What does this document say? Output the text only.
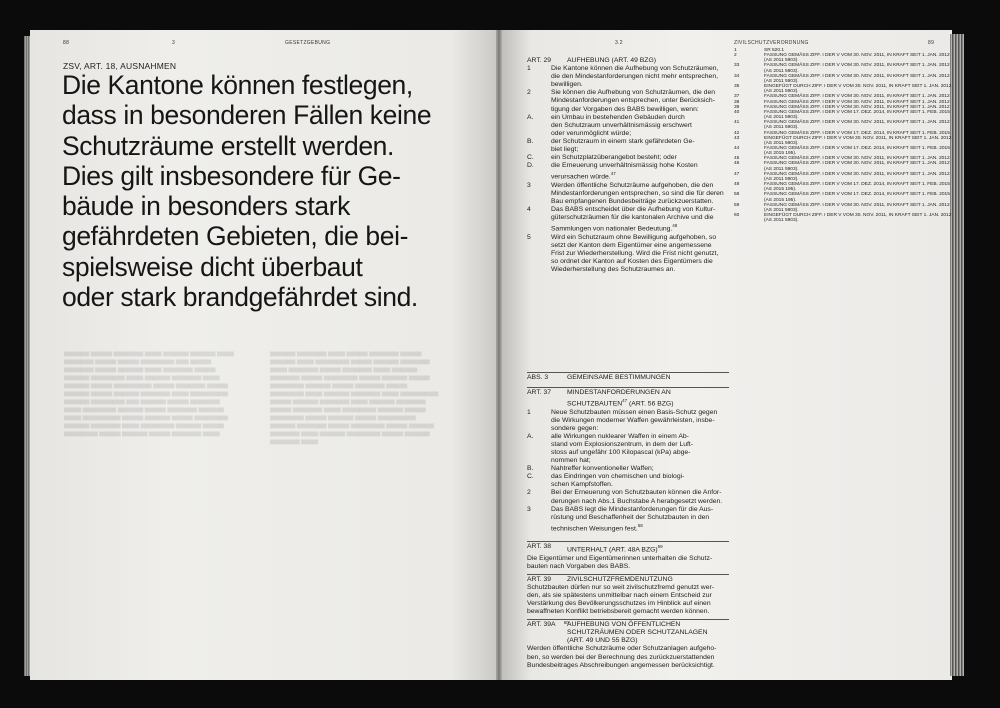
88	3	GESETZGEBUNG
▆▆▆▆▆▆ ▆▆▆▆▆ ▆▆▆▆▆▆▆ ▆▆▆▆ ▆▆▆▆▆▆ ▆▆▆▆▆▆ ▆▆▆▆ ▆▆▆▆▆▆▆ ▆▆▆▆▆ ▆▆▆▆▆ ▆▆▆▆▆▆▆▆ ▆▆▆ ▆▆▆▆▆ ▆▆▆▆▆▆▆ ▆▆▆▆▆ ▆▆▆▆▆▆ ▆▆▆▆ ▆▆▆▆▆▆▆ ▆▆▆▆▆ ▆▆▆▆▆▆ ▆▆▆▆▆▆▆▆ ▆▆▆▆ ▆▆▆▆▆▆ ▆▆▆▆▆▆▆ ▆▆▆▆ ▆▆▆▆▆▆ ▆▆▆▆▆ ▆▆▆▆▆▆▆▆▆ ▆▆▆▆▆ ▆▆▆▆▆▆▆ ▆▆▆▆▆ ▆▆▆▆▆▆ ▆▆▆▆▆ ▆▆▆▆▆▆ ▆▆▆▆▆▆▆ ▆▆▆▆ ▆▆▆▆▆▆▆▆▆ ▆▆▆▆▆▆ ▆▆▆▆▆▆▆▆ ▆▆▆ ▆▆▆▆▆▆ ▆▆▆▆▆ ▆▆▆▆▆▆▆ ▆▆▆▆ ▆▆▆▆▆▆▆▆ ▆▆▆▆▆▆ ▆▆▆▆▆ ▆▆▆▆▆▆▆ ▆▆▆▆▆▆ ▆▆▆▆ ▆▆▆▆▆▆▆▆▆ ▆▆▆▆▆ ▆▆▆▆▆▆ ▆▆▆▆▆ ▆▆▆▆▆▆▆▆ ▆▆▆▆▆▆ ▆▆▆▆▆▆▆ ▆▆▆▆ ▆▆▆▆▆▆▆▆ ▆▆▆▆▆▆ ▆▆▆▆▆ ▆▆▆▆▆▆▆▆ ▆▆▆▆▆ ▆▆▆▆▆▆ ▆▆▆▆▆ ▆▆▆▆▆▆▆ ▆▆▆▆
▆▆▆▆▆▆ ▆▆▆▆▆▆▆ ▆▆▆▆ ▆▆▆▆▆ ▆▆▆▆▆▆▆ ▆▆▆▆▆ ▆▆▆▆▆▆ ▆▆▆▆ ▆▆▆▆▆▆▆▆ ▆▆▆▆▆ ▆▆▆▆▆▆ ▆▆▆▆▆▆▆ ▆▆▆▆ ▆▆▆▆▆▆▆ ▆▆▆▆▆ ▆▆▆▆▆▆▆ ▆▆▆▆ ▆▆▆▆▆▆ ▆▆▆▆▆▆▆ ▆▆▆▆▆ ▆▆▆▆▆▆▆▆ ▆▆▆▆▆ ▆▆▆▆▆▆ ▆▆▆▆▆ ▆▆▆▆▆▆▆▆ ▆▆▆▆▆▆ ▆▆▆▆▆ ▆▆▆▆▆▆▆ ▆▆▆▆▆ ▆▆▆▆▆▆▆▆ ▆▆▆▆ ▆▆▆▆▆▆ ▆▆▆▆▆▆▆ ▆▆▆▆ ▆▆▆▆▆▆▆▆▆ ▆▆▆▆▆ ▆▆▆▆▆▆ ▆▆▆▆▆▆▆ ▆▆▆▆ ▆▆▆▆▆▆ ▆▆▆▆▆▆▆ ▆▆▆▆▆ ▆▆▆▆▆▆▆ ▆▆▆▆ ▆▆▆▆▆▆▆▆ ▆▆▆▆▆▆ ▆▆▆▆▆ ▆▆▆▆▆▆▆▆ ▆▆▆▆▆ ▆▆▆▆▆▆ ▆▆▆▆▆ ▆▆▆▆▆▆▆▆▆ ▆▆▆▆▆▆ ▆▆▆▆▆▆▆ ▆▆▆▆▆ ▆▆▆▆▆▆▆▆ ▆▆▆▆▆ ▆▆▆▆▆▆ ▆▆▆▆▆▆▆ ▆▆▆▆ ▆▆▆▆▆▆ ▆▆▆▆▆▆▆▆ ▆▆▆▆▆ ▆▆▆▆▆▆ ▆▆▆▆▆▆▆ ▆▆▆▆
ZSV, ART. 18, AUSNAHMEN
Die Kantone können festlegen,
dass in besonderen Fällen keine
Schutzräume erstellt werden.
Dies gilt insbesondere für Ge-
bäude in besonders stark
gefährdeten Gebieten, die bei-
spielsweise dicht überbaut
oder stark brandgefährdet sind.
3.2	ZIVILSCHUTZVERORDNUNG	89
ART. 29 AUFHEBUNG (ART. 49 BZG)
1	Die Kantone können die Aufhebung von Schutzräumen,
die den Mindestanforderungen nicht mehr entsprechen,
bewilligen.

2	Sie können die Aufhebung von Schutzräumen, die den
Mindestanforderungen entsprechen, unter Berücksich-
tigung der Vorgaben des BABS bewilligen, wenn:

A.	ein Umbau in bestehenden Gebäuden durch
den Schutzraum unverhältnismässig erschwert
oder verunmöglicht würde;

B.	der Schutzraum in einem stark gefährdeten Ge-
biet liegt;

C.	ein Schutzplatzüberangebot besteht; oder

D.	die Erneuerung unverhältnismässig hohe Kosten
verursachen würde.$^{47}$

3	Werden öffentliche Schutzräume aufgehoben, die den
Mindestanforderungen entsprechen, so sind die für deren
Bau empfangenen Bundesbeiträge zurückzuerstatten.

4	Das BABS entscheidet über die Aufhebung von Kultur-
güterschutzräumen für die kantonalen Archive und die
Sammlungen von nationaler Bedeutung.$^{48}$

5	Wird ein Schutzraum ohne Bewilligung aufgehoben, so
setzt der Kanton dem Eigentümer eine angemessene
Frist zur Wiederherstellung. Wird die Frist nicht genutzt,
so ordnet der Kanton auf Kosten des Eigentümers die
Wiederherstellung des Schutzraumes an.

ABS. 3	GEMEINSAME BESTIMMUNGEN
ART. 37 MINDESTANFORDERUNGEN AN
SCHUTZBAUTEN$^{47}$ (ART. 56 BZG)
1	Neue Schutzbauten müssen einen Basis-Schutz gegen
die Wirkungen moderner Waffen gewährleisten, insbe-
sondere gegen:

A.	alle Wirkungen nuklearer Waffen in einem Ab-
stand vom Explosionszentrum, in dem der Luft-
stoss auf ungefähr 100 Kilopascal (kPa) abge-
nommen hat;

B.	Nahtreffer konventioneller Waffen;

C.	das Eindringen von chemischen und biologi-
schen Kampfstoffen.

2	Bei der Erneuerung von Schutzbauten können die Anfor-
derungen nach Abs.1 Buchstabe A herabgesetzt werden.

3	Das BABS legt die Mindestanforderungen für die Aus-
rüstung und Beschaffenheit der Schutzbauten in den
technischen Weisungen fest.$^{58}$

ART. 38 UNTERHALT (ART. 48A BZG)$^{59}$
Die Eigentümer und Eigentümerinnen unterhalten die Schutz-
bauten nach Vorgaben des BABS.
ART. 39 ZIVILSCHUTZFREMDENUTZUNG
Schutzbauten dürfen nur so weit zivilschutzfremd genutzt wer-
den, als sie spätestens unmittelbar nach einem Entscheid zur
Verstärkung des Bevölkerungsschutzes im Hinblick auf einen
bewaffneten Konflikt betriebsbereit gemacht werden können.
ART. 39A 60
AUFHEBUNG VON ÖFFENTLICHEN
SCHUTZRÄUMEN ODER SCHUTZANLAGEN
(ART. 49 UND 55 BZG)
Werden öffentliche Schutzräume oder Schutzanlagen aufgeho-
ben, so werden bei der Berechnung des zurückzuerstattenden
Bundesbeitrages Abschreibungen angemessen berücksichtigt.
1	SR 520.1
2	FASSUNG GEMÄSS ZIFF. I DER V VOM 30. NOV. 2011, IN KRAFT SEIT 1. JAN. 2012
(AS 2011 5903).
33	FASSUNG GEMÄSS ZIFF. I DER V VOM 30. NOV. 2011, IN KRAFT SEIT 1. JAN. 2012
(AS 2011 5903).
34	FASSUNG GEMÄSS ZIFF. I DER V VOM 30. NOV. 2011, IN KRAFT SEIT 1. JAN. 2012
(AS 2011 5903).
35	EINGEFÜGT DURCH ZIFF. I DER V VOM 30. NOV. 2011, IN KRAFT SEIT 1. JAN. 2012
(AS 2011 5903).
37	FASSUNG GEMÄSS ZIFF. I DER V VOM 30. NOV. 2011, IN KRAFT SEIT 1. JAN. 2012
38	FASSUNG GEMÄSS ZIFF. I DER V VOM 30. NOV. 2011, IN KRAFT SEIT 1. JAN. 2012
39	FASSUNG GEMÄSS ZIFF. I DER V VOM 30. NOV. 2011, IN KRAFT SEIT 1. JAN. 2012
40	FASSUNG GEMÄSS ZIFF. I DER V VOM 17. DEZ. 2014, IN KRAFT SEIT 1. FEB. 2015
(AS 2011 5903).
41	FASSUNG GEMÄSS ZIFF. I DER V VOM 30. NOV. 2011, IN KRAFT SEIT 1. JAN. 2012
(AS 2011 5903).
42	FASSUNG GEMÄSS ZIFF. I DER V VOM 17. DEZ. 2014, IN KRAFT SEIT 1. FEB. 2015
43	EINGEFÜGT DURCH ZIFF. I DER V VOM 30. NOV. 2011, IN KRAFT SEIT 1. JAN. 2012
(AS 2011 5903).
44	FASSUNG GEMÄSS ZIFF. I DER V VOM 17. DEZ. 2014, IN KRAFT SEIT 1. FEB. 2015
(AS 2015 195).
45	FASSUNG GEMÄSS ZIFF. I DER V VOM 30. NOV. 2011, IN KRAFT SEIT 1. JAN. 2012
46	FASSUNG GEMÄSS ZIFF. I DER V VOM 30. NOV. 2011, IN KRAFT SEIT 1. JAN. 2012
(AS 2011 5903).
47	FASSUNG GEMÄSS ZIFF. I DER V VOM 30. NOV. 2011, IN KRAFT SEIT 1. JAN. 2012
(AS 2011 5903).
48	FASSUNG GEMÄSS ZIFF. I DER V VOM 17. DEZ. 2014, IN KRAFT SEIT 1. FEB. 2015
(AS 2015 195).
58	FASSUNG GEMÄSS ZIFF. I DER V VOM 17. DEZ. 2014, IN KRAFT SEIT 1. FEB. 2015
(AS 2015 195).
59	FASSUNG GEMÄSS ZIFF. I DER V VOM 30. NOV. 2011, IN KRAFT SEIT 1. JAN. 2012
(AS 2011 5903).
60	EINGEFÜGT DURCH ZIFF. I DER V VOM 30. NOV. 2011, IN KRAFT SEIT 1. JAN. 2012
(AS 2011 5903).
